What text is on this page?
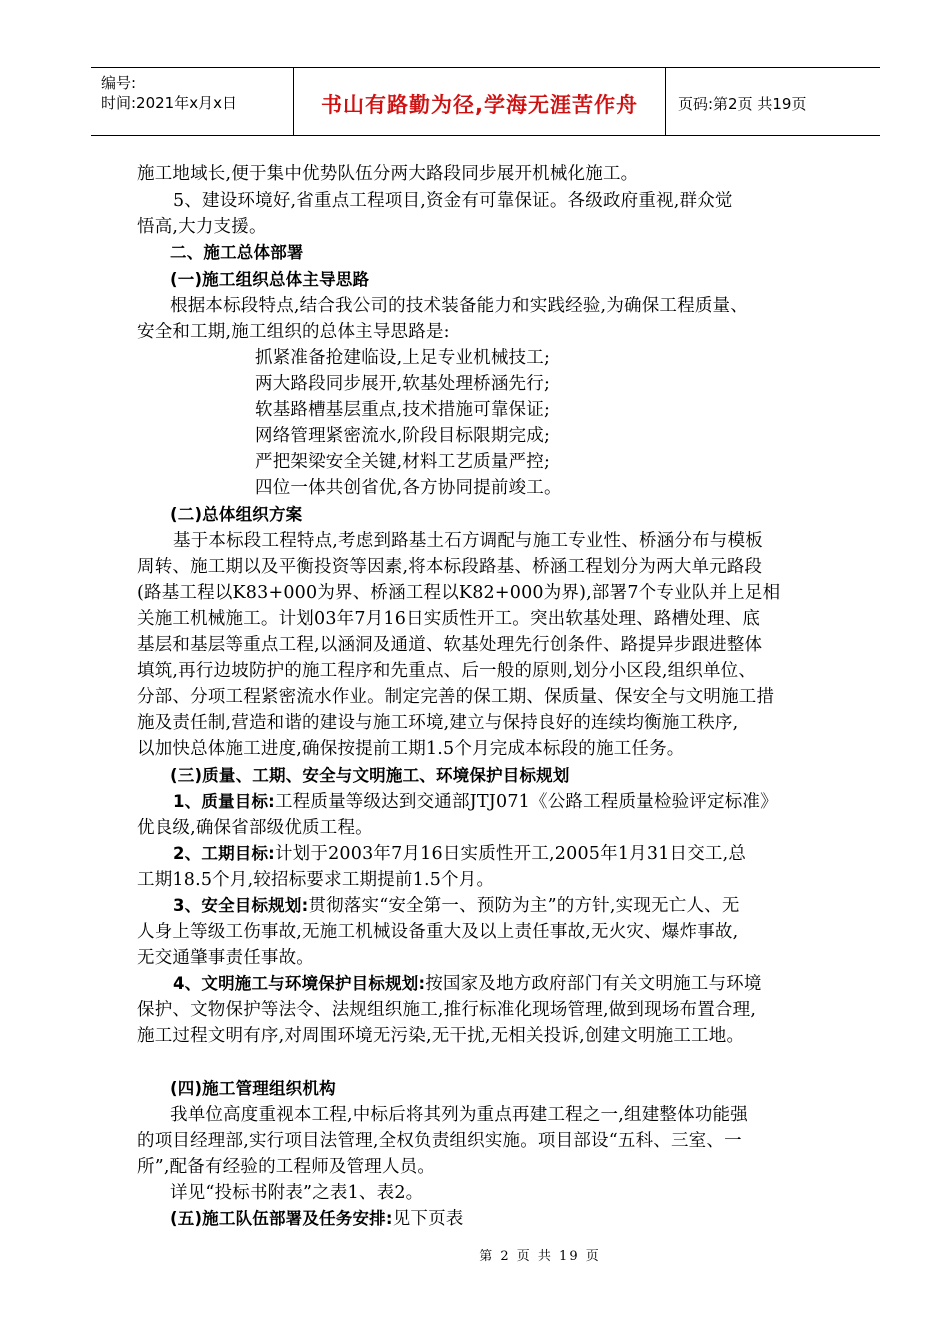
编号:
时间:2021年x月x日	书山有路勤为径,学海无涯苦作舟	页码:第2页 共19页
施工地域长,便于集中优势队伍分两大路段同步展开机械化施工。
5、建设环境好,省重点工程项目,资金有可靠保证。各级政府重视,群众觉
悟高,大力支援。
二、施工总体部署
(一)施工组织总体主导思路
根据本标段特点,结合我公司的技术装备能力和实践经验,为确保工程质量、
安全和工期,施工组织的总体主导思路是:
抓紧准备抢建临设,上足专业机械技工;
两大路段同步展开,软基处理桥涵先行;
软基路槽基层重点,技术措施可靠保证;
网络管理紧密流水,阶段目标限期完成;
严把架梁安全关键,材料工艺质量严控;
四位一体共创省优,各方协同提前竣工。
(二)总体组织方案
基于本标段工程特点,考虑到路基土石方调配与施工专业性、桥涵分布与模板
周转、施工期以及平衡投资等因素,将本标段路基、桥涵工程划分为两大单元路段
(路基工程以K83+000为界、桥涵工程以K82+000为界),部署7个专业队并上足相
关施工机械施工。计划03年7月16日实质性开工。突出软基处理、路槽处理、底
基层和基层等重点工程,以涵洞及通道、软基处理先行创条件、路提异步跟进整体
填筑,再行边坡防护的施工程序和先重点、后一般的原则,划分小区段,组织单位、
分部、分项工程紧密流水作业。制定完善的保工期、保质量、保安全与文明施工措
施及责任制,营造和谐的建设与施工环境,建立与保持良好的连续均衡施工秩序,
以加快总体施工进度,确保按提前工期1.5个月完成本标段的施工任务。
(三)质量、工期、安全与文明施工、环境保护目标规划
1、质量目标:工程质量等级达到交通部JTJ071《公路工程质量检验评定标准》
优良级,确保省部级优质工程。
2、工期目标:计划于2003年7月16日实质性开工,2005年1月31日交工,总
工期18.5个月,较招标要求工期提前1.5个月。
3、安全目标规划:贯彻落实“安全第一、预防为主”的方针,实现无亡人、无
人身上等级工伤事故,无施工机械设备重大及以上责任事故,无火灾、爆炸事故,
无交通肇事责任事故。
4、文明施工与环境保护目标规划:按国家及地方政府部门有关文明施工与环境
保护、文物保护等法令、法规组织施工,推行标准化现场管理,做到现场布置合理,
施工过程文明有序,对周围环境无污染,无干扰,无相关投诉,创建文明施工工地。
(四)施工管理组织机构
我单位高度重视本工程,中标后将其列为重点再建工程之一,组建整体功能强
的项目经理部,实行项目法管理,全权负责组织实施。项目部设“五科、三室、一
所”,配备有经验的工程师及管理人员。
详见“投标书附表”之表1、表2。
(五)施工队伍部署及任务安排:见下页表
第 2 页 共 19 页
